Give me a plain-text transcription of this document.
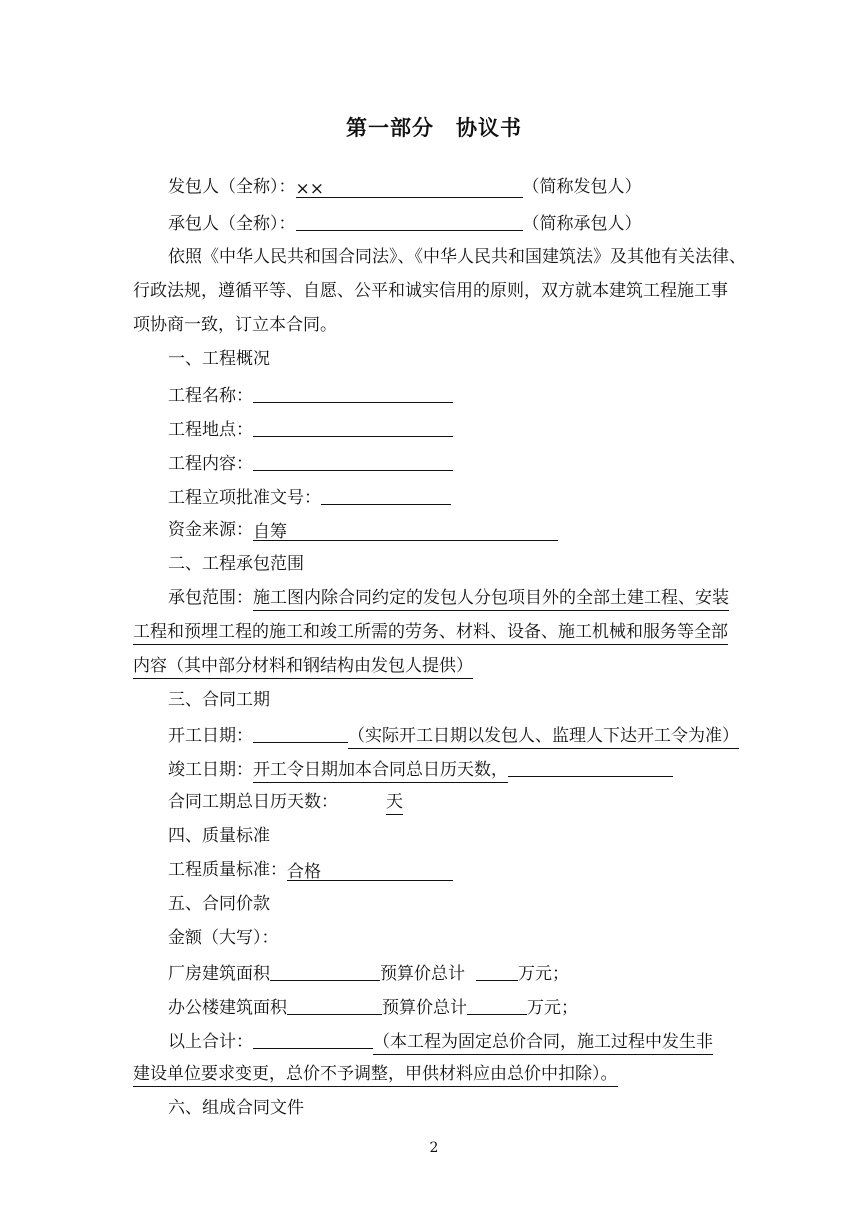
第一部分 协议书
发包人（全称）：××	（简称发包人）
承包人（全称）：	（简称承包人）
依照《中华人民共和国合同法》、《中华人民共和国建筑法》及其他有关法律、
行政法规，遵循平等、自愿、公平和诚实信用的原则，双方就本建筑工程施工事
项协商一致，订立本合同。
一、工程概况
工程名称：
工程地点：
工程内容：
工程立项批准文号：
资金来源：自筹
二、工程承包范围
承包范围：施工图内除合同约定的发包人分包项目外的全部土建工程、安装
工程和预埋工程的施工和竣工所需的劳务、材料、设备、施工机械和服务等全部
内容（其中部分材料和钢结构由发包人提供）
三、合同工期
开工日期：	（实际开工日期以发包人、监理人下达开工令为准）
竣工日期：开工令日期加本合同总日历天数，
合同工期总日历天数：	天
四、质量标准
工程质量标准：合格
五、合同价款
金额（大写）：
厂房建筑面积	预算价总计	万元；
办公楼建筑面积	预算价总计	万元；
以上合计：	（本工程为固定总价合同，施工过程中发生非
建设单位要求变更，总价不予调整，甲供材料应由总价中扣除）。
六、组成合同文件
2
